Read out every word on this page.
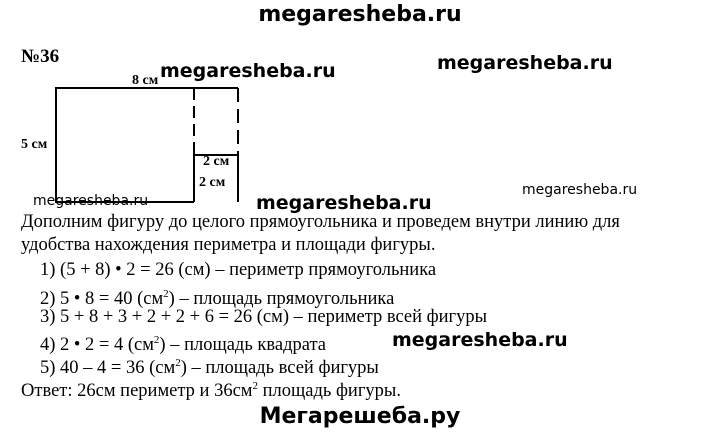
megaresheba.ru
megaresheba.ru
megaresheba.ru
megaresheba.ru
megaresheba.ru
megaresheba.ru
megaresheba.ru
Мегарешеба.ру
№36
8 см
5 см
2 см
2 см
Дополним фигуру до целого прямоугольника и проведем внутри линию для
удобства нахождения периметра и площади фигуры.
1) (5 + 8) • 2 = 26 (см) – периметр прямоугольника
2) 5 • 8 = 40 $(см^2)$ – площадь прямоугольника
3) 5 + 8 + 3 + 2 + 2 + 6 = 26 (см) – периметр всей фигуры
4) 2 • 2 = 4 $(см^2)$ – площадь квадрата
5) 40 – 4 = 36 $(см^2)$ – площадь всей фигуры
Ответ: 26см периметр и $36см^2$ площадь фигуры.
